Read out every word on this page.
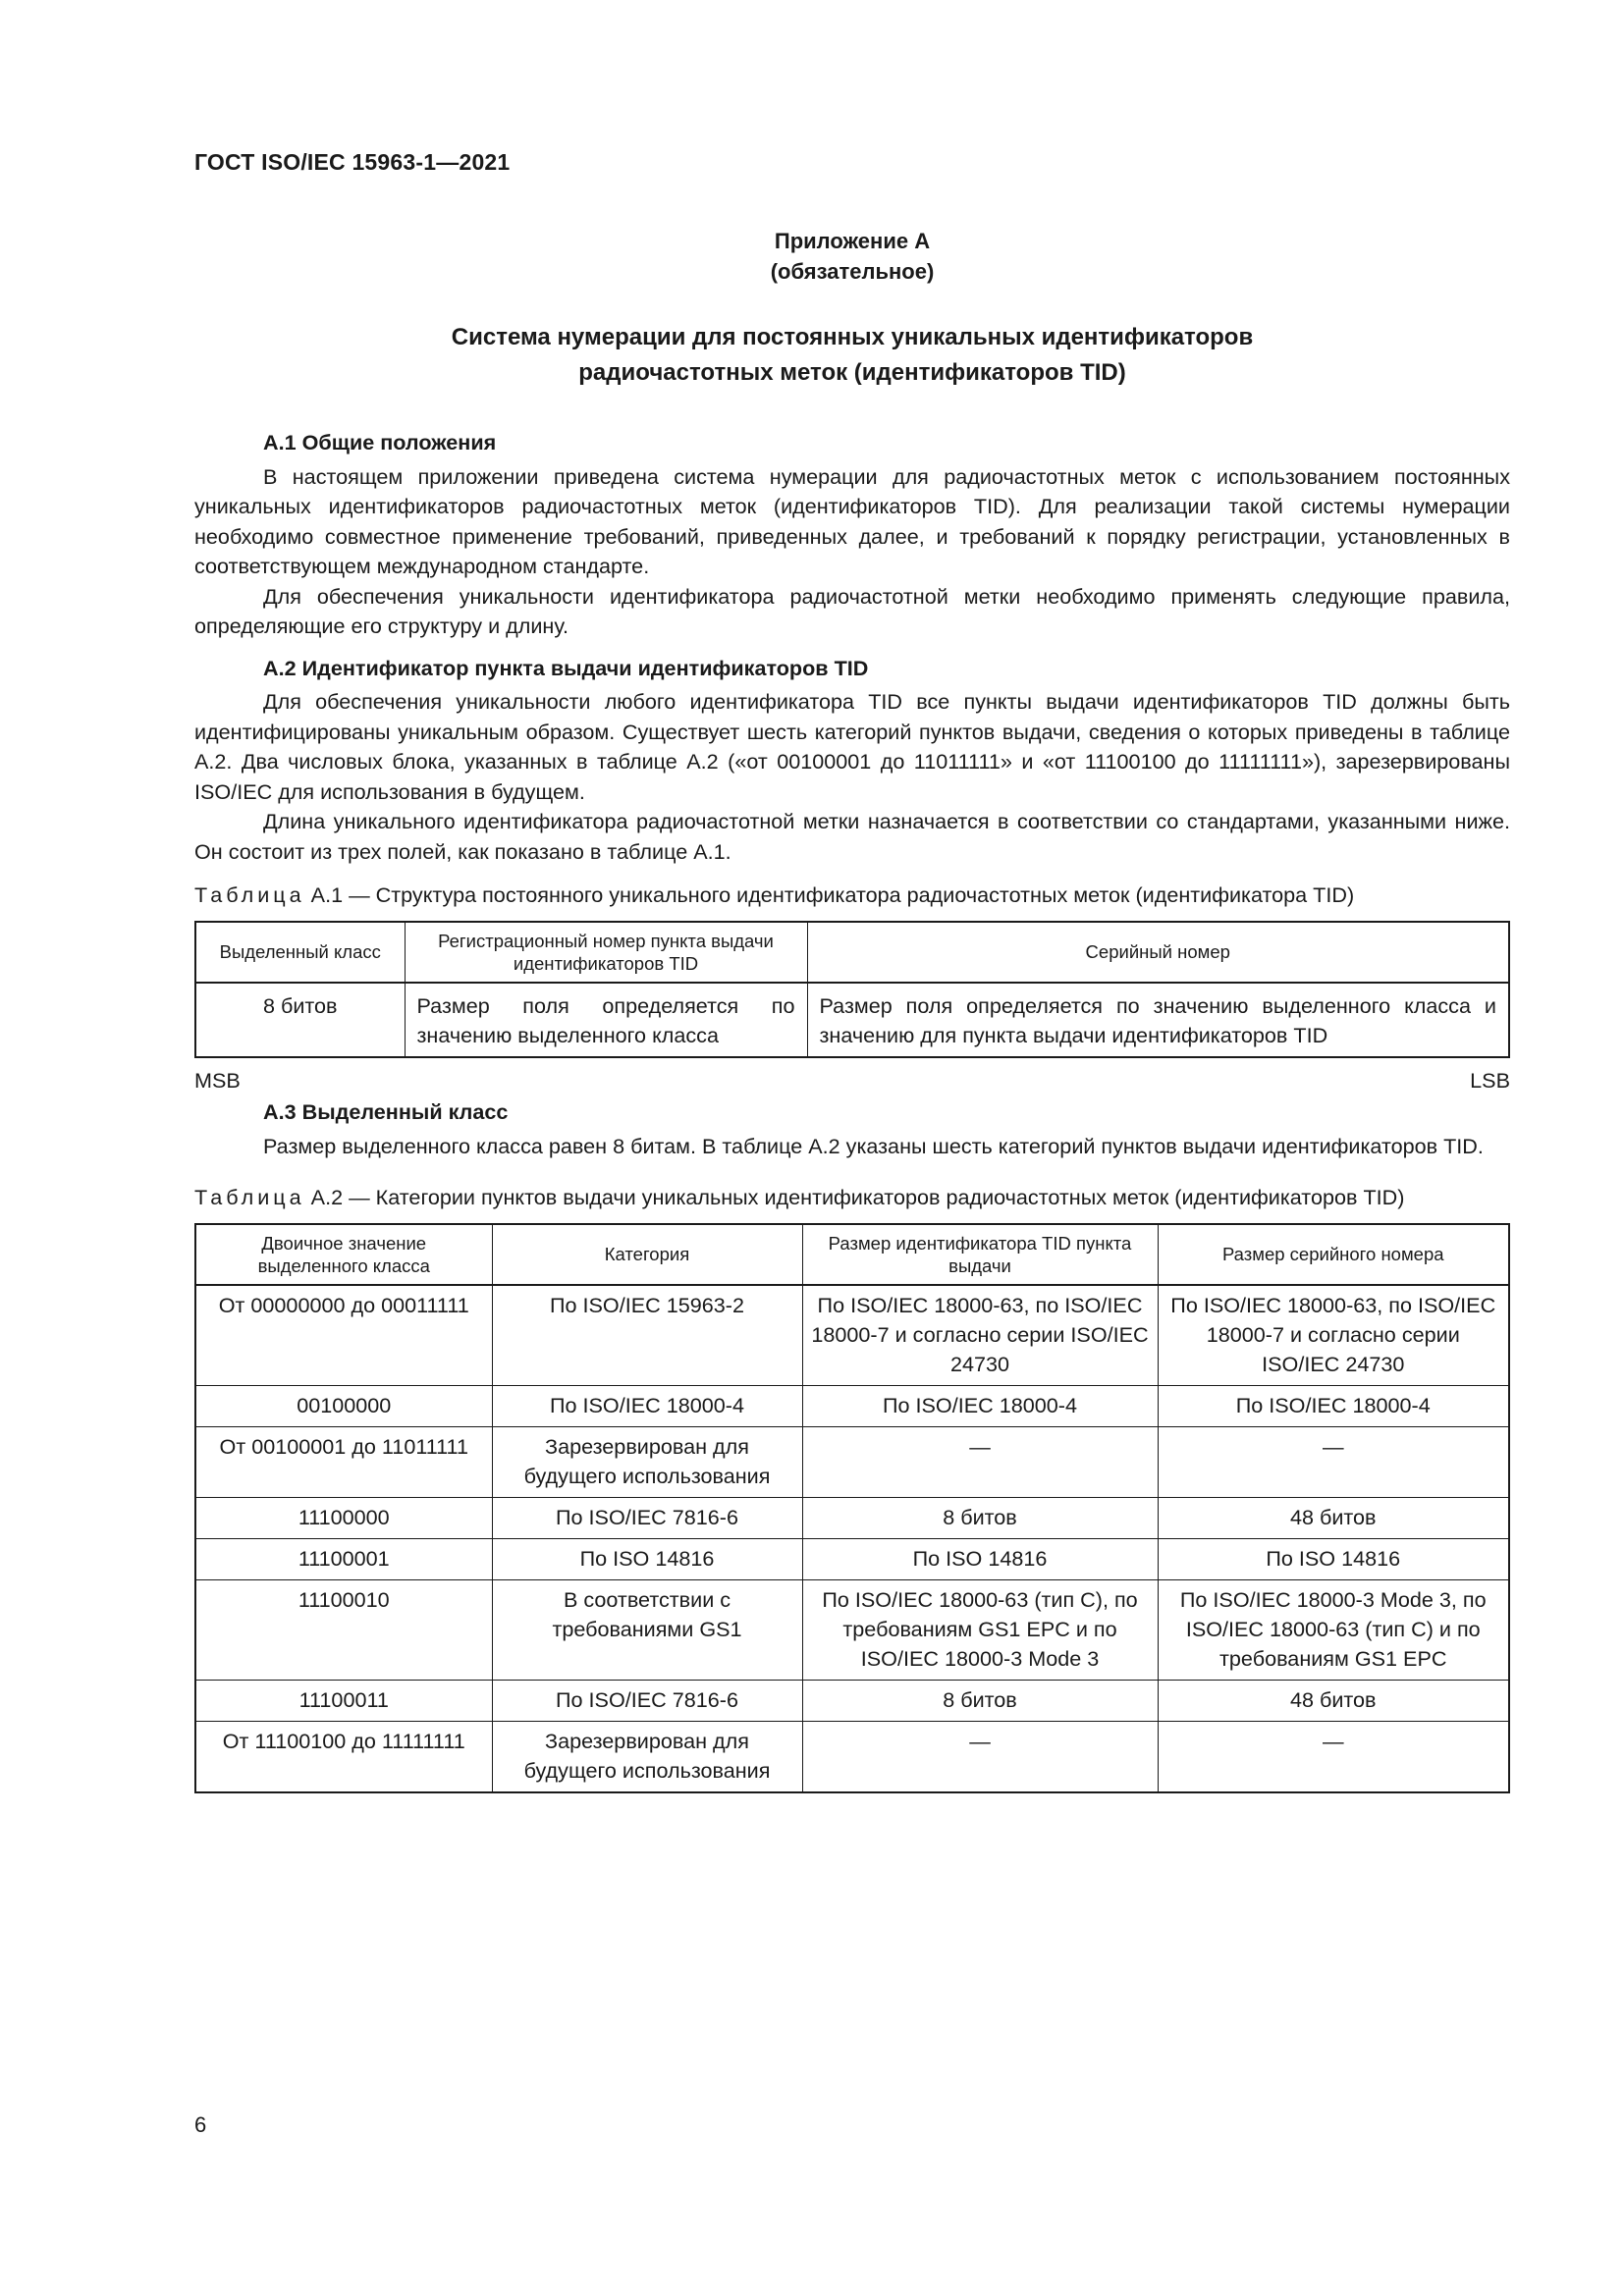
ГОСТ ISO/IEC 15963-1—2021
Приложение А
(обязательное)
Система нумерации для постоянных уникальных идентификаторов
радиочастотных меток (идентификаторов TID)
А.1 Общие положения

В настоящем приложении приведена система нумерации для радиочастотных меток с использованием постоянных уникальных идентификаторов радиочастотных меток (идентификаторов TID). Для реализации такой системы нумерации необходимо совместное применение требований, приведенных далее, и требований к порядку регистрации, установленных в соответствующем международном стандарте.

Для обеспечения уникальности идентификатора радиочастотной метки необходимо применять следующие правила, определяющие его структуру и длину.

А.2 Идентификатор пункта выдачи идентификаторов TID

Для обеспечения уникальности любого идентификатора TID все пункты выдачи идентификаторов TID должны быть идентифицированы уникальным образом. Существует шесть категорий пунктов выдачи, сведения о которых приведены в таблице А.2. Два числовых блока, указанных в таблице А.2 («от 00100001 до 11011111» и «от 11100100 до 11111111»), зарезервированы ISO/IEC для использования в будущем.

Длина уникального идентификатора радиочастотной метки назначается в соответствии со стандартами, указанными ниже. Он состоит из трех полей, как показано в таблице А.1.

Таблица А.1 — Структура постоянного уникального идентификатора радиочастотных меток (идентификатора TID)
Выделенный класс	Регистрационный номер пункта выдачи идентификаторов TID	Серийный номер
8 битов	Размер поля определяется по значению выделенного класса	Размер поля определяется по значению выделенного класса и значению для пункта выдачи идентификаторов TID
MSB	LSB
А.3 Выделенный класс

Размер выделенного класса равен 8 битам. В таблице А.2 указаны шесть категорий пунктов выдачи идентификаторов TID.

Таблица А.2 — Категории пунктов выдачи уникальных идентификаторов радиочастотных меток (идентификаторов TID)
Двоичное значение выделенного класса	Категория	Размер идентификатора TID пункта выдачи	Размер серийного номера
От 00000000 до 00011111	По ISO/IEC 15963-2	По ISO/IEC 18000-63, по ISO/IEC 18000-7 и согласно серии ISO/IEC 24730	По ISO/IEC 18000-63, по ISO/IEC 18000-7 и согласно серии ISO/IEC 24730
00100000	По ISO/IEC 18000-4	По ISO/IEC 18000-4	По ISO/IEC 18000-4
От 00100001 до 11011111	Зарезервирован для будущего использования	—	—
11100000	По ISO/IEC 7816-6	8 битов	48 битов
11100001	По ISO 14816	По ISO 14816	По ISO 14816
11100010	В соответствии с требованиями GS1	По ISO/IEC 18000-63 (тип C), по требованиям GS1 EPC и по ISO/IEC 18000-3 Mode 3	По ISO/IEC 18000-3 Mode 3, по ISO/IEC 18000-63 (тип C) и по требованиям GS1 EPC
11100011	По ISO/IEC 7816-6	8 битов	48 битов
От 11100100 до 11111111	Зарезервирован для будущего использования	—	—
6
